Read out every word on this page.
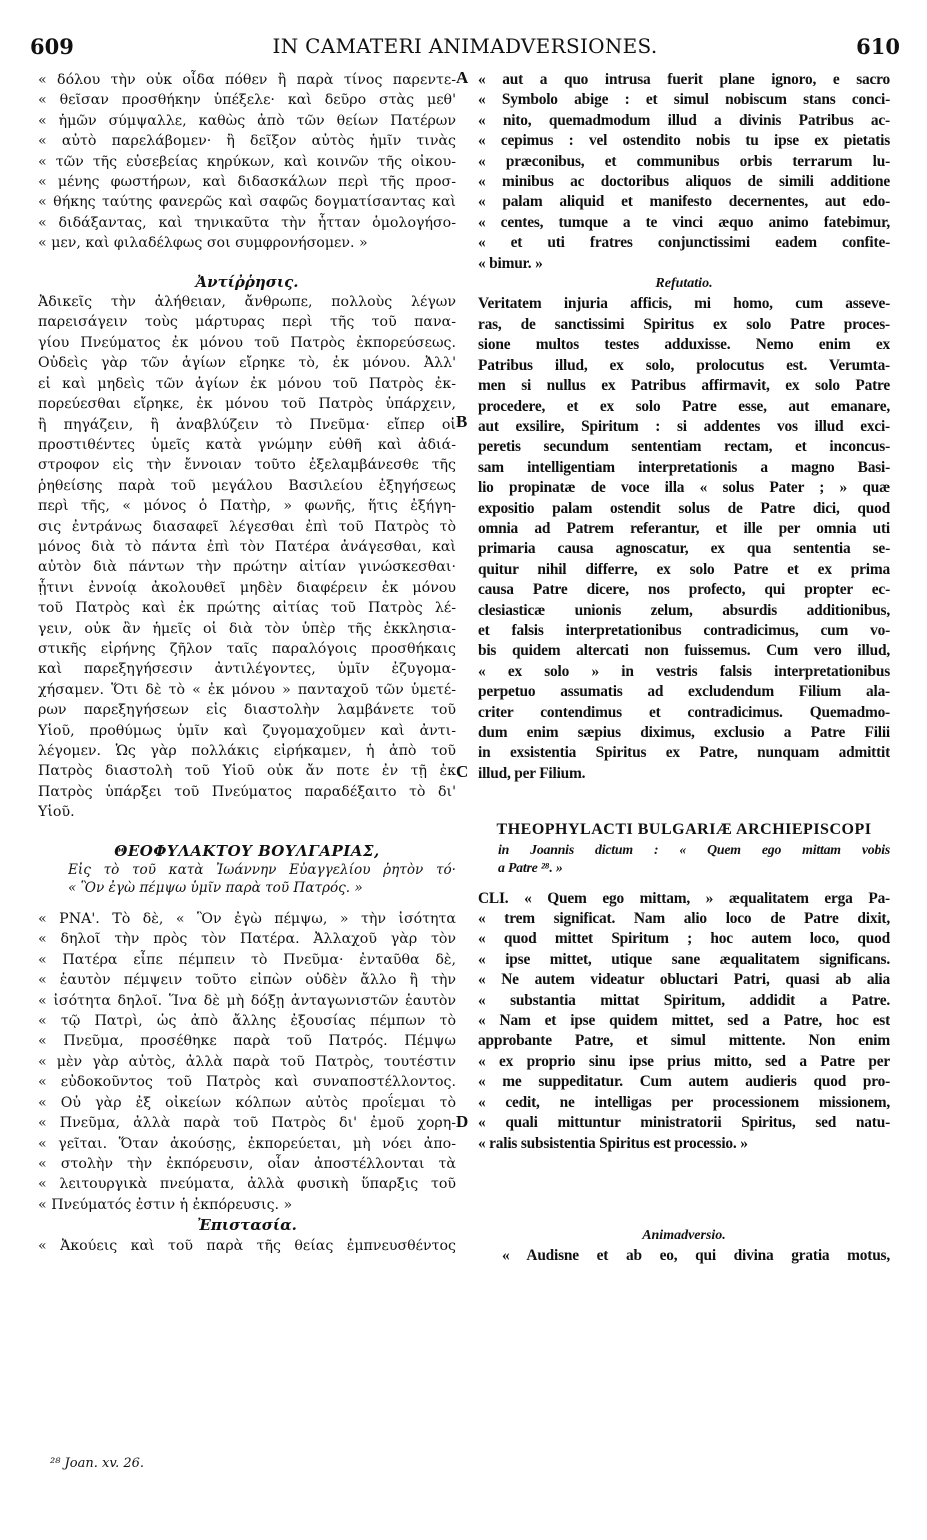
609	IN CAMATERI ANIMADVERSIONES.	610
A
B
C
D
« δόλου τὴν οὐκ οἶδα πόθεν ἢ παρὰ τίνος παρεντε-
« θεῖσαν προσθήκην ὑπέξελε· καὶ δεῦρο στὰς μεθ'
« ἡμῶν σύμψαλλε, καθὼς ἀπὸ τῶν θείων Πατέρων
« αὐτὸ παρελάβομεν· ἢ δεῖξον αὐτὸς ἡμῖν τινὰς
« τῶν τῆς εὐσεβείας κηρύκων, καὶ κοινῶν τῆς οἰκου-
« μένης φωστήρων, καὶ διδασκάλων περὶ τῆς προσ-
« θήκης ταύτης φανερῶς καὶ σαφῶς δογματίσαντας καὶ
« διδάξαντας, καὶ τηνικαῦτα τὴν ἧτταν ὁμολογήσο-
« μεν, καὶ φιλαδέλφως σοι συμφρονήσομεν. »
Ἀντίῤῥησις.
Ἀδικεῖς τὴν ἀλήθειαν, ἄνθρωπε, πολλοὺς λέγων
παρεισάγειν τοὺς μάρτυρας περὶ τῆς τοῦ πανα-
γίου Πνεύματος ἐκ μόνου τοῦ Πατρὸς ἐκπορεύσεως.
Οὐδεὶς γὰρ τῶν ἁγίων εἴρηκε τὸ, ἐκ μόνου. Ἀλλ'
εἰ καὶ μηδεὶς τῶν ἁγίων ἐκ μόνου τοῦ Πατρὸς ἐκ-
πορεύεσθαι εἴρηκε, ἐκ μόνου τοῦ Πατρὸς ὑπάρχειν,
ἢ πηγάζειν, ἢ ἀναβλύζειν τὸ Πνεῦμα· εἴπερ οἱ
προστιθέντες ὑμεῖς κατὰ γνώμην εὐθῆ καὶ ἀδιά-
στροφον εἰς τὴν ἔννοιαν τοῦτο ἐξελαμβάνεσθε τῆς
ῥηθείσης παρὰ τοῦ μεγάλου Βασιλείου ἐξηγήσεως
περὶ τῆς, « μόνος ὁ Πατὴρ, » φωνῆς, ἥτις ἐξήγη-
σις ἐντράνως διασαφεῖ λέγεσθαι ἐπὶ τοῦ Πατρὸς τὸ
μόνος διὰ τὸ πάντα ἐπὶ τὸν Πατέρα ἀνάγεσθαι, καὶ
αὐτὸν διὰ πάντων τὴν πρώτην αἰτίαν γινώσκεσθαι·
ᾗτινι ἐννοίᾳ ἀκολουθεῖ μηδὲν διαφέρειν ἐκ μόνου
τοῦ Πατρὸς καὶ ἐκ πρώτης αἰτίας τοῦ Πατρὸς λέ-
γειν, οὐκ ἂν ἡμεῖς οἱ διὰ τὸν ὑπὲρ τῆς ἐκκλησια-
στικῆς εἰρήνης ζῆλον ταῖς παραλόγοις προσθήκαις
καὶ παρεξηγήσεσιν ἀντιλέγοντες, ὑμῖν ἐζυγομα-
χήσαμεν. Ὅτι δὲ τὸ « ἐκ μόνου » πανταχοῦ τῶν ὑμετέ-
ρων παρεξηγήσεων εἰς διαστολὴν λαμβάνετε τοῦ
Υἱοῦ, προθύμως ὑμῖν καὶ ζυγομαχοῦμεν καὶ ἀντι-
λέγομεν. Ὡς γὰρ πολλάκις εἰρήκαμεν, ἡ ἀπὸ τοῦ
Πατρὸς διαστολὴ τοῦ Υἱοῦ οὐκ ἄν ποτε ἐν τῇ ἐκ
Πατρὸς ὑπάρξει τοῦ Πνεύματος παραδέξαιτο τὸ δι'
Υἱοῦ.
ΘΕΟΦΥΛΑΚΤΟΥ ΒΟΥΛΓΑΡΙΑΣ,
Εἰς τὸ τοῦ κατὰ Ἰωάννην Εὐαγγελίου ῥητὸν τό·
« Ὃν ἐγὼ πέμψω ὑμῖν παρὰ τοῦ Πατρός. »
« ΡΝΑ'. Τὸ δὲ, « Ὃν ἐγὼ πέμψω, » τὴν ἰσότητα
« δηλοῖ τὴν πρὸς τὸν Πατέρα. Ἀλλαχοῦ γὰρ τὸν
« Πατέρα εἶπε πέμπειν τὸ Πνεῦμα· ἐνταῦθα δὲ,
« ἑαυτὸν πέμψειν τοῦτο εἰπὼν οὐδὲν ἄλλο ἢ τὴν
« ἰσότητα δηλοῖ. Ἵνα δὲ μὴ δόξῃ ἀνταγωνιστῶν ἑαυτὸν
« τῷ Πατρὶ, ὡς ἀπὸ ἄλλης ἐξουσίας πέμπων τὸ
« Πνεῦμα, προσέθηκε παρὰ τοῦ Πατρός. Πέμψω
« μὲν γὰρ αὐτὸς, ἀλλὰ παρὰ τοῦ Πατρὸς, τουτέστιν
« εὐδοκοῦντος τοῦ Πατρὸς καὶ συναποστέλλοντος.
« Οὐ γὰρ ἐξ οἰκείων κόλπων αὐτὸς προΐεμαι τὸ
« Πνεῦμα, ἀλλὰ παρὰ τοῦ Πατρὸς δι' ἐμοῦ χορη-
« γεῖται. Ὅταν ἀκούσῃς, ἐκπορεύεται, μὴ νόει ἀπο-
« στολὴν τὴν ἐκπόρευσιν, οἷαν ἀποστέλλονται τὰ
« λειτουργικὰ πνεύματα, ἀλλὰ φυσικὴ ὕπαρξις τοῦ
« Πνεύματός ἐστιν ἡ ἐκπόρευσις. »
Ἐπιστασία.
« Ἀκούεις καὶ τοῦ παρὰ τῆς θείας ἐμπνευσθέντος
« aut a quo intrusa fuerit plane ignoro, e sacro
« Symbolo abige : et simul nobiscum stans conci-
« nito, quemadmodum illud a divinis Patribus ac-
« cepimus : vel ostendito nobis tu ipse ex pietatis
« præconibus, et communibus orbis terrarum lu-
« minibus ac doctoribus aliquos de simili additione
« palam aliquid et manifesto decernentes, aut edo-
« centes, tumque a te vinci æquo animo fatebimur,
« et uti fratres conjunctissimi eadem confite-
« bimur. »
Refutatio.
Veritatem injuria afficis, mi homo, cum asseve-
ras, de sanctissimi Spiritus ex solo Patre proces-
sione multos testes adduxisse. Nemo enim ex
Patribus illud, ex solo, prolocutus est. Verumta-
men si nullus ex Patribus affirmavit, ex solo Patre
procedere, et ex solo Patre esse, aut emanare,
aut exsilire, Spiritum : si addentes vos illud exci-
peretis secundum sententiam rectam, et inconcus-
sam intelligentiam interpretationis a magno Basi-
lio propinatæ de voce illa « solus Pater ; » quæ
expositio palam ostendit solus de Patre dici, quod
omnia ad Patrem referantur, et ille per omnia uti
primaria causa agnoscatur, ex qua sententia se-
quitur nihil differre, ex solo Patre et ex prima
causa Patre dicere, nos profecto, qui propter ec-
clesiasticæ unionis zelum, absurdis additionibus,
et falsis interpretationibus contradicimus, cum vo-
bis quidem altercati non fuissemus. Cum vero illud,
« ex solo » in vestris falsis interpretationibus
perpetuo assumatis ad excludendum Filium ala-
criter contendimus et contradicimus. Quemadmo-
dum enim sæpius diximus, exclusio a Patre Filii
in exsistentia Spiritus ex Patre, nunquam admittit
illud, per Filium.
THEOPHYLACTI BULGARIÆ ARCHIEPISCOPI
in Joannis dictum : « Quem ego mittam vobis
a Patre ²⁸. »
CLI. « Quem ego mittam, » æqualitatem erga Pa-
« trem significat. Nam alio loco de Patre dixit,
« quod mittet Spiritum ; hoc autem loco, quod
« ipse mittet, utique sane æqualitatem significans.
« Ne autem videatur obluctari Patri, quasi ab alia
« substantia mittat Spiritum, addidit a Patre.
« Nam et ipse quidem mittet, sed a Patre, hoc est
approbante Patre, et simul mittente. Non enim
« ex proprio sinu ipse prius mitto, sed a Patre per
« me suppeditatur. Cum autem audieris quod pro-
« cedit, ne intelligas per processionem missionem,
« quali mittuntur ministratorii Spiritus, sed natu-
« ralis subsistentia Spiritus est processio. »
Animadversio.
« Audisne et ab eo, qui divina gratia motus,
²⁸ Joan. xv. 26.
